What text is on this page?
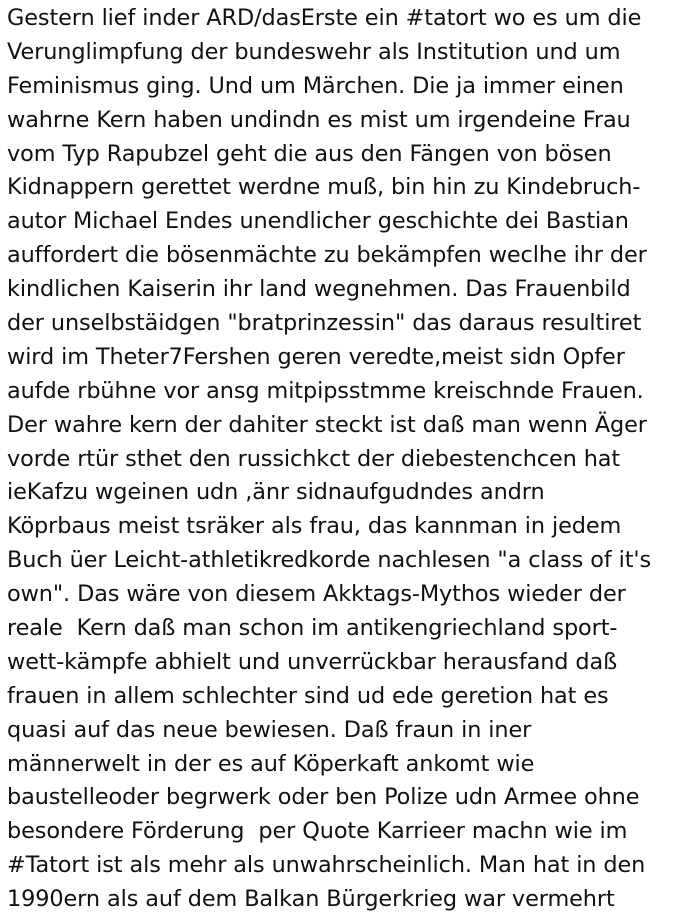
Gestern lief inder ARD/dasErste ein #tatort wo es um die
Verunglimpfung der bundeswehr als Institution und um
Feminismus ging. Und um Märchen. Die ja immer einen
wahrne Kern haben undindn es mist um irgendeine Frau
vom Typ Rapubzel geht die aus den Fängen von bösen
Kidnappern gerettet werdne muß, bin hin zu Kindebruch-
autor Michael Endes unendlicher geschichte dei Bastian
auffordert die bösenmächte zu bekämpfen weclhe ihr der
kindlichen Kaiserin ihr land wegnehmen. Das Frauenbild
der unselbstäidgen "bratprinzessin" das daraus resultiret
wird im Theter7Fershen geren veredte,meist sidn Opfer
aufde rbühne vor ansg mitpipsstmme kreischnde Frauen.
Der wahre kern der dahiter steckt ist daß man wenn Äger
vorde rtür sthet den russichkct der diebestenchcen hat
ieKafzu wgeinen udn ,änr sidnaufgudndes andrn
Köprbaus meist tsräker als frau, das kannman in jedem
Buch üer Leicht-athletikredkorde nachlesen "a class of it's
own". Das wäre von diesem Akktags-Mythos wieder der
reale  Kern daß man schon im antikengriechland sport-
wett-kämpfe abhielt und unverrückbar herausfand daß
frauen in allem schlechter sind ud ede geretion hat es
quasi auf das neue bewiesen. Daß fraun in iner
männerwelt in der es auf Köperkaft ankomt wie
baustelleoder begrwerk oder ben Polize udn Armee ohne
besondere Förderung  per Quote Karrieer machn wie im
#Tatort ist als mehr als unwahrscheinlich. Man hat in den
1990ern als auf dem Balkan Bürgerkrieg war vermehrt
